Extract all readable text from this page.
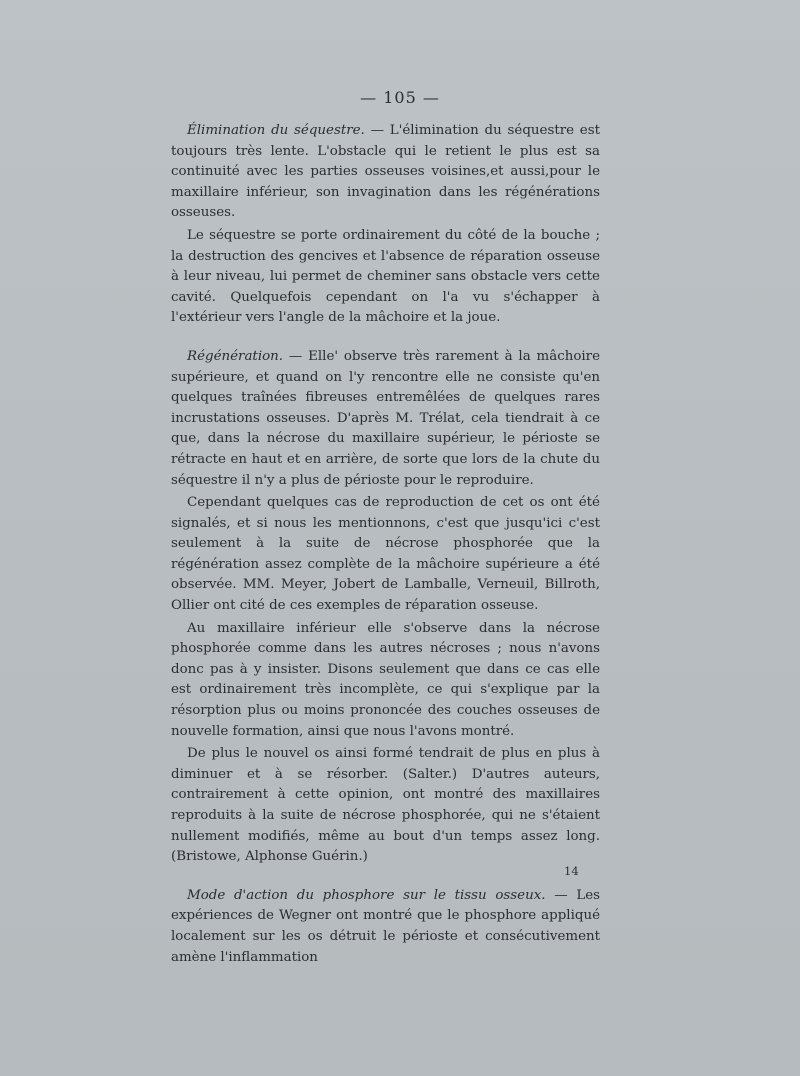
— 105 —

Élimination du séquestre. — L'élimination du séquestre est toujours très lente. L'obstacle qui le retient le plus est sa continuité avec les parties osseuses voisines,et aussi,pour le maxillaire inférieur, son invagination dans les régénérations osseuses.

Le séquestre se porte ordinairement du côté de la bouche ; la destruction des gencives et l'absence de réparation osseuse à leur niveau, lui permet de cheminer sans obstacle vers cette cavité. Quelquefois cependant on l'a vu s'échapper à l'extérieur vers l'angle de la mâchoire et la joue.

Régénération. — Elle' observe très rarement à la mâchoire supérieure, et quand on l'y rencontre elle ne consiste qu'en quelques traînées fibreuses entremêlées de quelques rares incrustations osseuses. D'après M. Trélat, cela tiendrait à ce que, dans la nécrose du maxillaire supérieur, le périoste se rétracte en haut et en arrière, de sorte que lors de la chute du séquestre il n'y a plus de périoste pour le reproduire.

Cependant quelques cas de reproduction de cet os ont été signalés, et si nous les mentionnons, c'est que jusqu'ici c'est seulement à la suite de nécrose phosphorée que la régénération assez complète de la mâchoire supérieure a été observée. MM. Meyer, Jobert de Lamballe, Verneuil, Billroth, Ollier ont cité de ces exemples de réparation osseuse.

Au maxillaire inférieur elle s'observe dans la nécrose phosphorée comme dans les autres nécroses ; nous n'avons donc pas à y insister. Disons seulement que dans ce cas elle est ordinairement très incomplète, ce qui s'explique par la résorption plus ou moins prononcée des couches osseuses de nouvelle formation, ainsi que nous l'avons montré.

De plus le nouvel os ainsi formé tendrait de plus en plus à diminuer et à se résorber. (Salter.) D'autres auteurs, contrairement à cette opinion, ont montré des maxillaires reproduits à la suite de nécrose phosphorée, qui ne s'étaient nullement modifiés, même au bout d'un temps assez long. (Bristowe, Alphonse Guérin.)

Mode d'action du phosphore sur le tissu osseux. — Les expériences de Wegner ont montré que le phosphore appliqué localement sur les os détruit le périoste et consécutivement amène l'inflammation

14
